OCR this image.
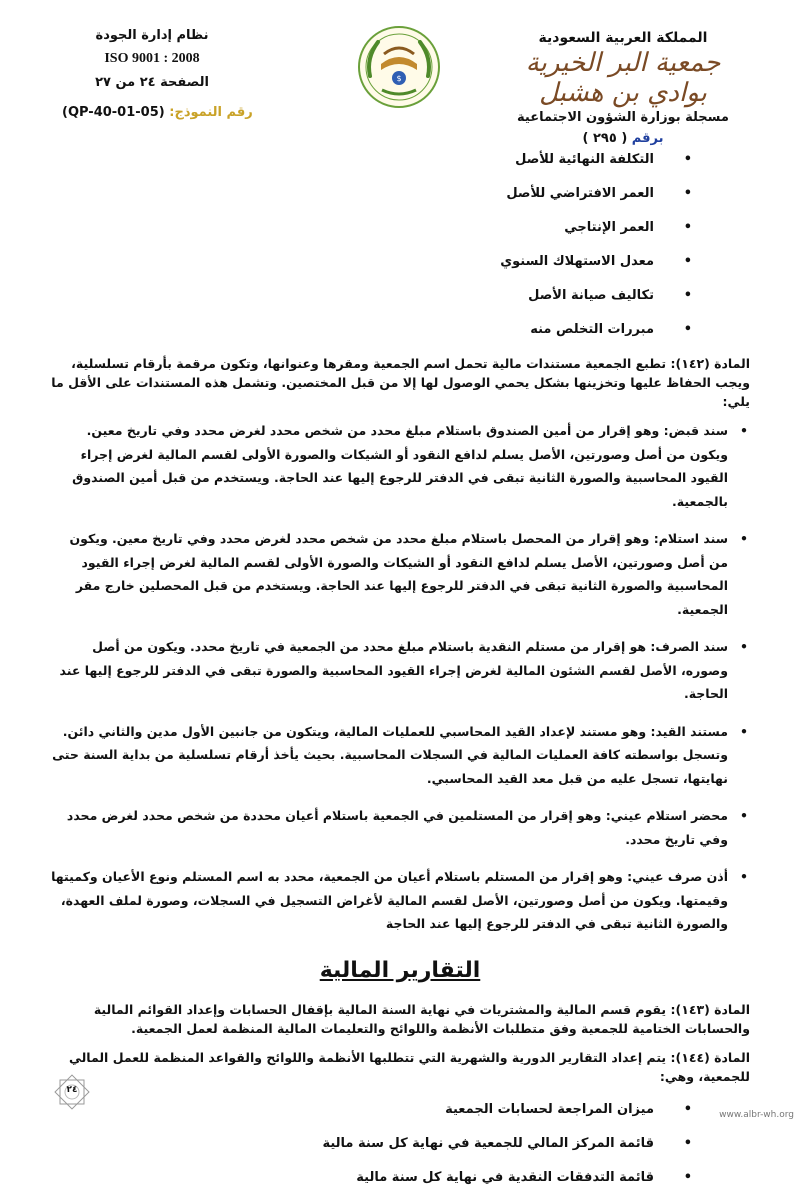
المملكة العربية السعودية
جمعية البر الخيرية بوادي بن هشبل
مسجلة بوزارة الشؤون الاجتماعية
برقم ( ٢٩٥ )
$
نظام إدارة الجودة
ISO 9001 : 2008
الصفحة ٢٤ من ٢٧
رقم النموذج: (QP-40-01-05)
• التكلفة النهائية للأصل
• العمر الافتراضي للأصل
• العمر الإنتاجي
• معدل الاستهلاك السنوي
• تكاليف صيانة الأصل
• مبررات التخلص منه

المادة (١٤٢): تطبع الجمعية مستندات مالية تحمل اسم الجمعية ومقرها وعنوانها، وتكون مرقمة بأرقام تسلسلية، ويجب الحفاظ عليها وتخزينها بشكل يحمي الوصول لها إلا من قبل المختصين. وتشمل هذه المستندات على الأقل ما يلي:

• سند قبض: وهو إقرار من أمين الصندوق باستلام مبلغ محدد من شخص محدد لغرض محدد وفي تاريخ معين. ويكون من أصل وصورتين، الأصل يسلم لدافع النقود أو الشيكات والصورة الأولى لقسم المالية لغرض إجراء القيود المحاسبية والصورة الثانية تبقى في الدفتر للرجوع إليها عند الحاجة. ويستخدم من قبل أمين الصندوق بالجمعية.
• سند استلام: وهو إقرار من المحصل باستلام مبلغ محدد من شخص محدد لغرض محدد وفي تاريخ معين. ويكون من أصل وصورتين، الأصل يسلم لدافع النقود أو الشيكات والصورة الأولى لقسم المالية لغرض إجراء القيود المحاسبية والصورة الثانية تبقى في الدفتر للرجوع إليها عند الحاجة. ويستخدم من قبل المحصلين خارج مقر الجمعية.
• سند الصرف: هو إقرار من مستلم النقدية باستلام مبلغ محدد من الجمعية في تاريخ محدد. ويكون من أصل وصوره، الأصل لقسم الشئون المالية لغرض إجراء القيود المحاسبية والصورة تبقى في الدفتر للرجوع إليها عند الحاجة.
• مستند القيد: وهو مستند لإعداد القيد المحاسبي للعمليات المالية، ويتكون من جانبين الأول مدين والثاني دائن. وتسجل بواسطته كافة العمليات المالية في السجلات المحاسبية. بحيث يأخذ أرقام تسلسلية من بداية السنة حتى نهايتها، تسجل عليه من قبل معد القيد المحاسبي.
• محضر استلام عيني: وهو إقرار من المستلمين في الجمعية باستلام أعيان محددة من شخص محدد لغرض محدد وفي تاريخ محدد.
• أذن صرف عيني: وهو إقرار من المستلم باستلام أعيان من الجمعية، محدد به اسم المستلم ونوع الأعيان وكميتها وقيمتها. ويكون من أصل وصورتين، الأصل لقسم المالية لأغراض التسجيل في السجلات، وصورة لملف العهدة، والصورة الثانية تبقى في الدفتر للرجوع إليها عند الحاجة
التقارير المالية

المادة (١٤٣): يقوم قسم المالية والمشتريات في نهاية السنة المالية بإقفال الحسابات وإعداد القوائم المالية والحسابات الختامية للجمعية وفق متطلبات الأنظمة واللوائح والتعليمات المالية المنظمة لعمل الجمعية.

المادة (١٤٤): يتم إعداد التقارير الدورية والشهرية التي تتطلبها الأنظمة واللوائح والقواعد المنظمة للعمل المالي للجمعية، وهي:

• ميزان المراجعة لحسابات الجمعية
• قائمة المركز المالي للجمعية في نهاية كل سنة مالية
• قائمة التدفقات النقدية في نهاية كل سنة مالية
٢٤
www.albr-wh.org
